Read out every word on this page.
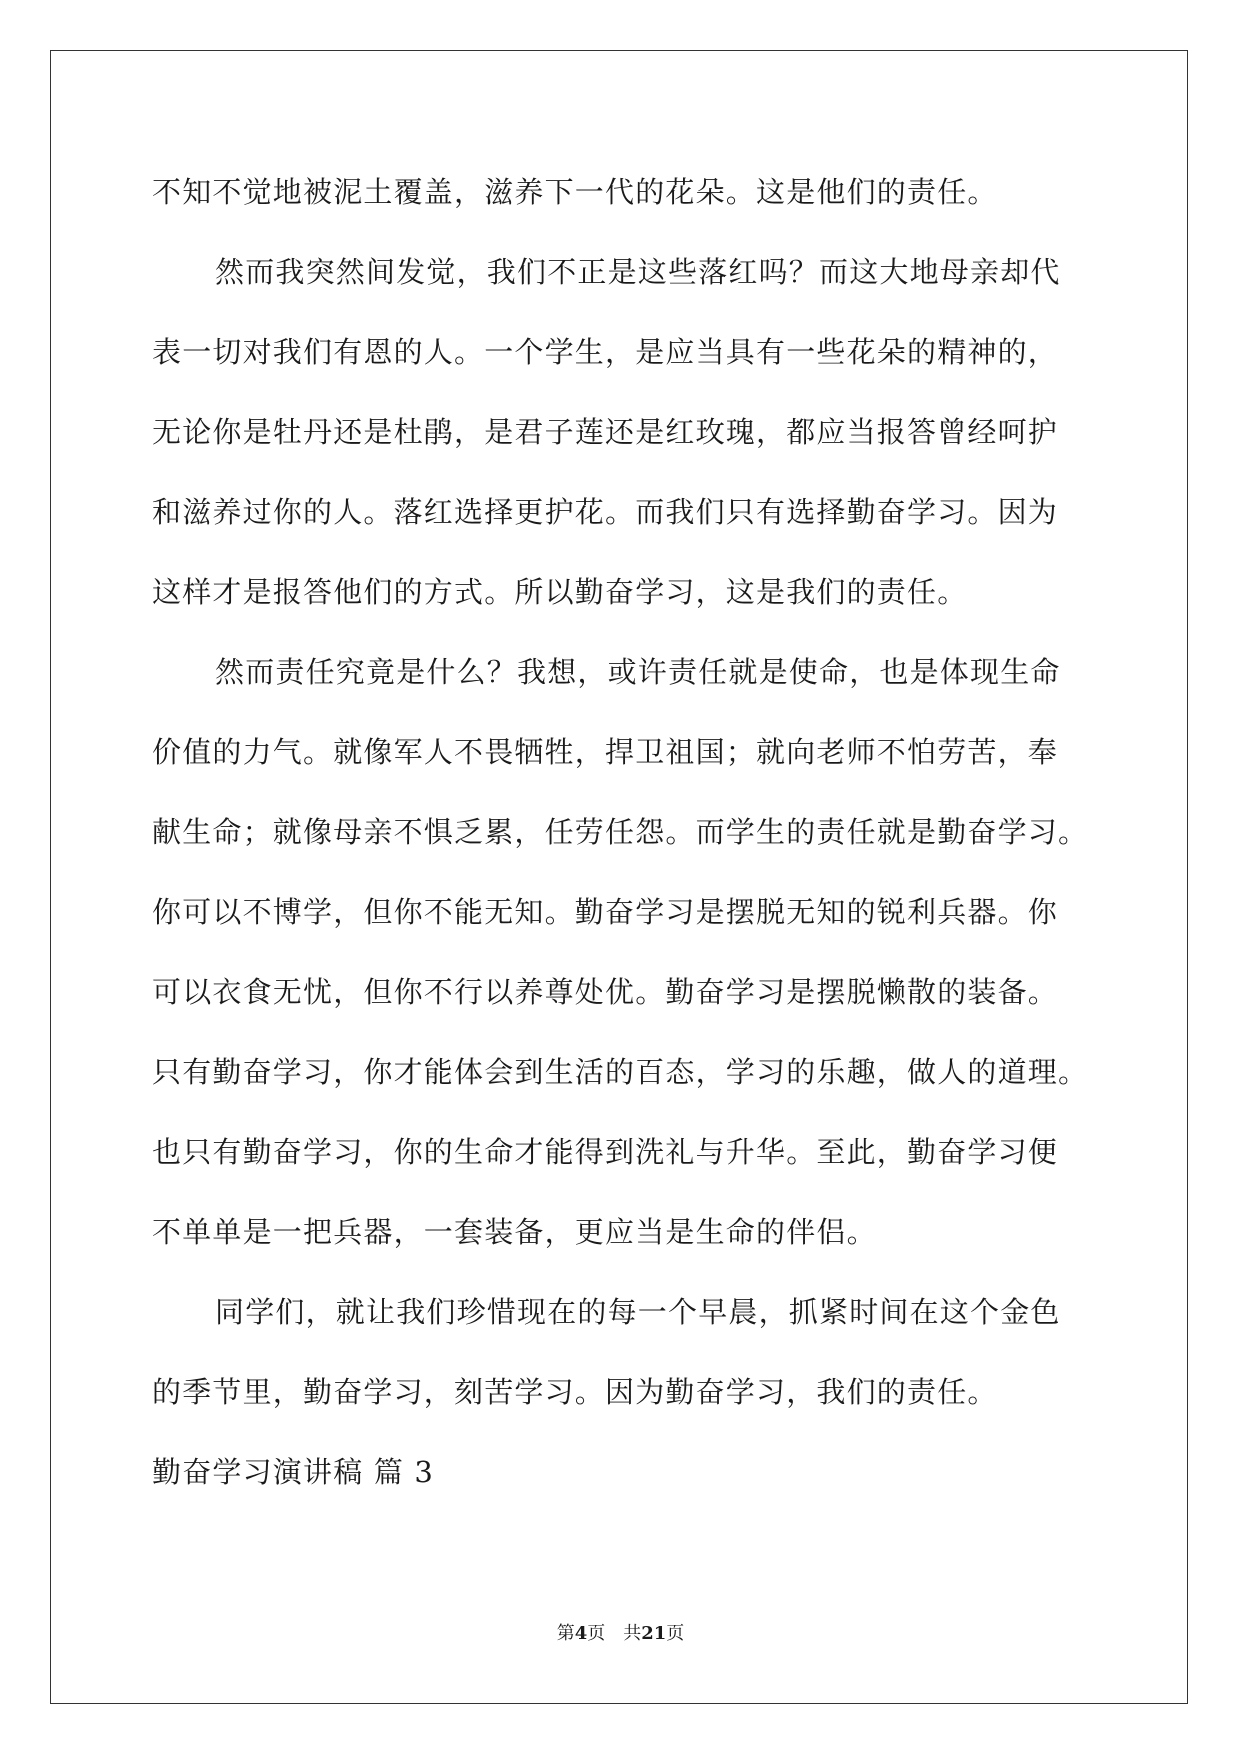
不知不觉地被泥土覆盖，滋养下一代的花朵。这是他们的责任。
然而我突然间发觉，我们不正是这些落红吗？而这大地母亲却代
表一切对我们有恩的人。一个学生，是应当具有一些花朵的精神的，
无论你是牡丹还是杜鹃，是君子莲还是红玫瑰，都应当报答曾经呵护
和滋养过你的人。落红选择更护花。而我们只有选择勤奋学习。因为
这样才是报答他们的方式。所以勤奋学习，这是我们的责任。
然而责任究竟是什么？我想，或许责任就是使命，也是体现生命
价值的力气。就像军人不畏牺牲，捍卫祖国；就向老师不怕劳苦，奉
献生命；就像母亲不惧乏累，任劳任怨。而学生的责任就是勤奋学习。
你可以不博学，但你不能无知。勤奋学习是摆脱无知的锐利兵器。你
可以衣食无忧，但你不行以养尊处优。勤奋学习是摆脱懒散的装备。
只有勤奋学习，你才能体会到生活的百态，学习的乐趣，做人的道理。
也只有勤奋学习，你的生命才能得到洗礼与升华。至此，勤奋学习便
不单单是一把兵器，一套装备，更应当是生命的伴侣。
同学们，就让我们珍惜现在的每一个早晨，抓紧时间在这个金色
的季节里，勤奋学习，刻苦学习。因为勤奋学习，我们的责任。
勤奋学习演讲稿 篇 3
第4页 共21页
